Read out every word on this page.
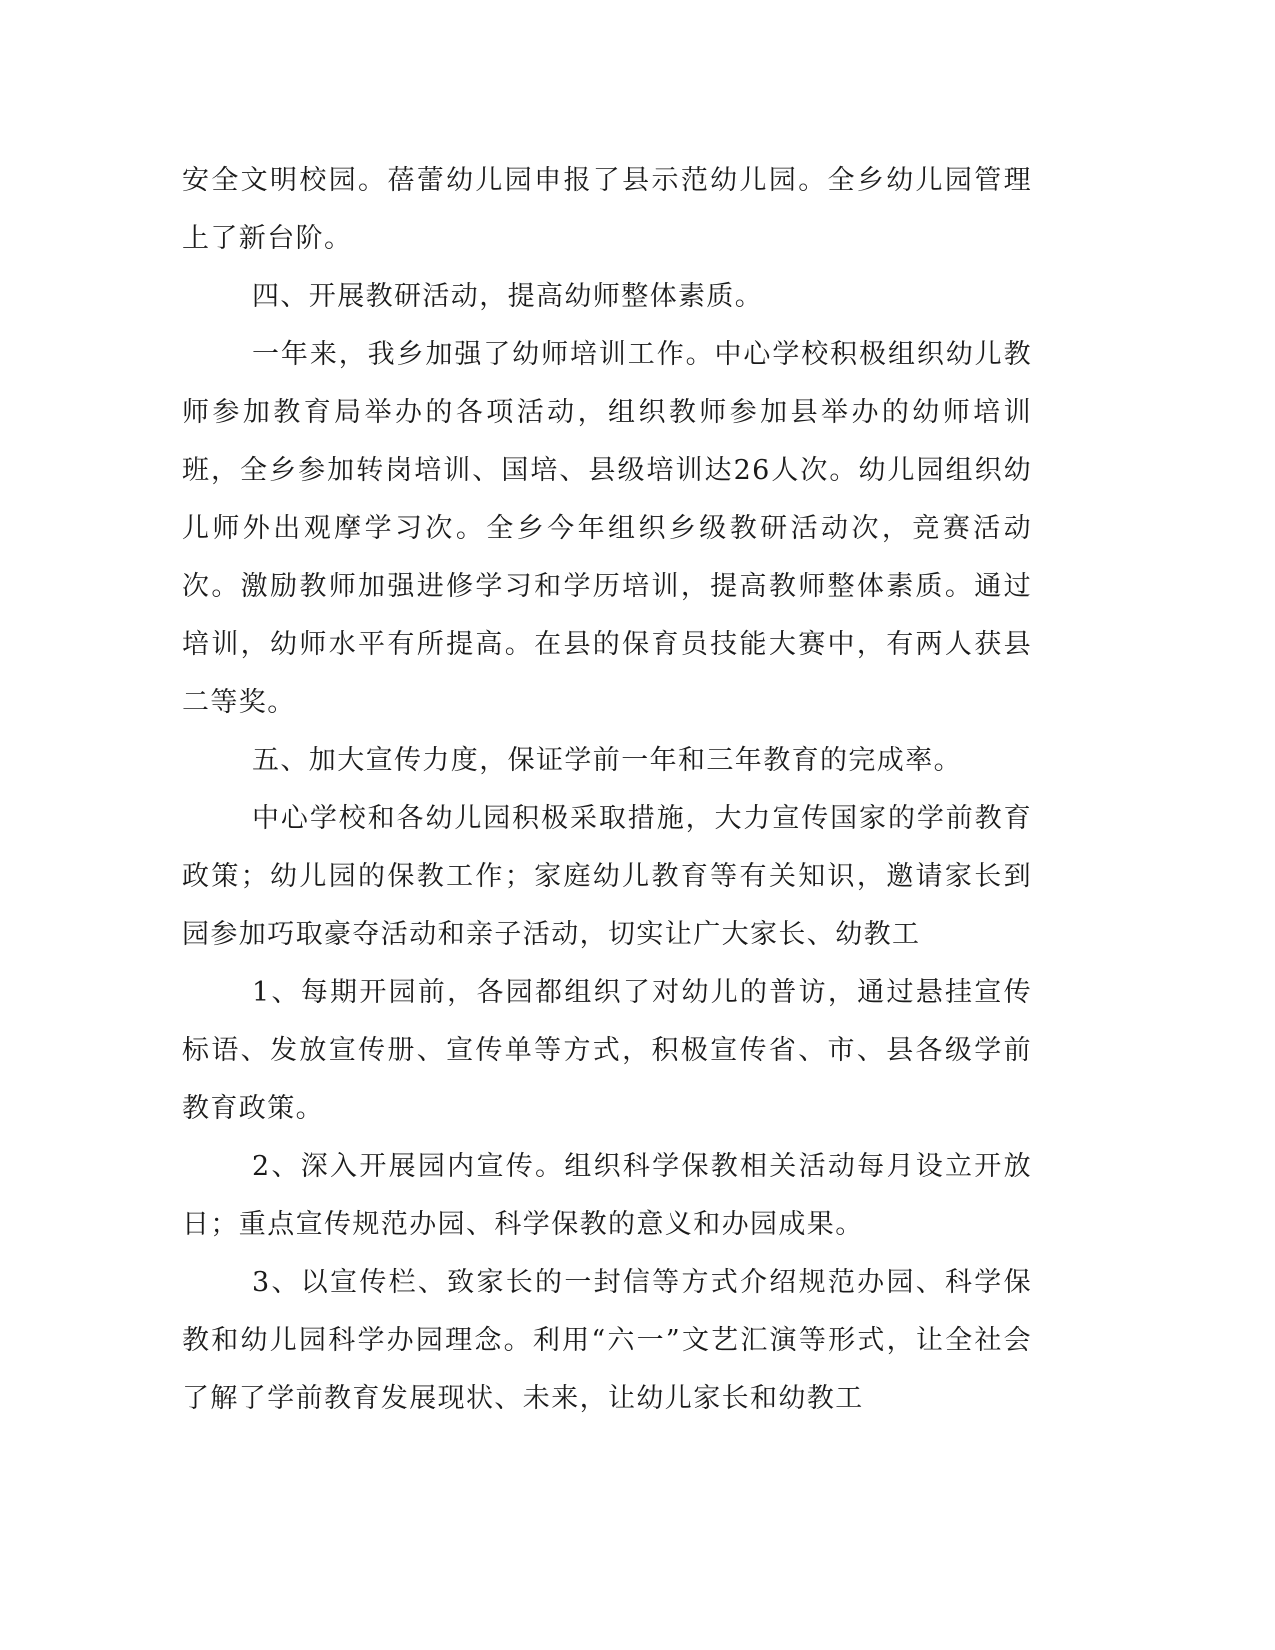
安全文明校园。蓓蕾幼儿园申报了县示范幼儿园。全乡幼儿园管理上了新台阶。

四、开展教研活动，提高幼师整体素质。

一年来，我乡加强了幼师培训工作。中心学校积极组织幼儿教师参加教育局举办的各项活动，组织教师参加县举办的幼师培训班，全乡参加转岗培训、国培、县级培训达26人次。幼儿园组织幼儿师外出观摩学习次。全乡今年组织乡级教研活动次，竞赛活动次。激励教师加强进修学习和学历培训，提高教师整体素质。通过培训，幼师水平有所提高。在县的保育员技能大赛中，有两人获县二等奖。

五、加大宣传力度，保证学前一年和三年教育的完成率。

中心学校和各幼儿园积极采取措施，大力宣传国家的学前教育政策；幼儿园的保教工作；家庭幼儿教育等有关知识，邀请家长到园参加巧取豪夺活动和亲子活动，切实让广大家长、幼教工

1、每期开园前，各园都组织了对幼儿的普访，通过悬挂宣传标语、发放宣传册、宣传单等方式，积极宣传省、市、县各级学前教育政策。

2、深入开展园内宣传。组织科学保教相关活动每月设立开放日；重点宣传规范办园、科学保教的意义和办园成果。

3、以宣传栏、致家长的一封信等方式介绍规范办园、科学保教和幼儿园科学办园理念。利用“六一”文艺汇演等形式，让全社会了解了学前教育发展现状、未来，让幼儿家长和幼教工
